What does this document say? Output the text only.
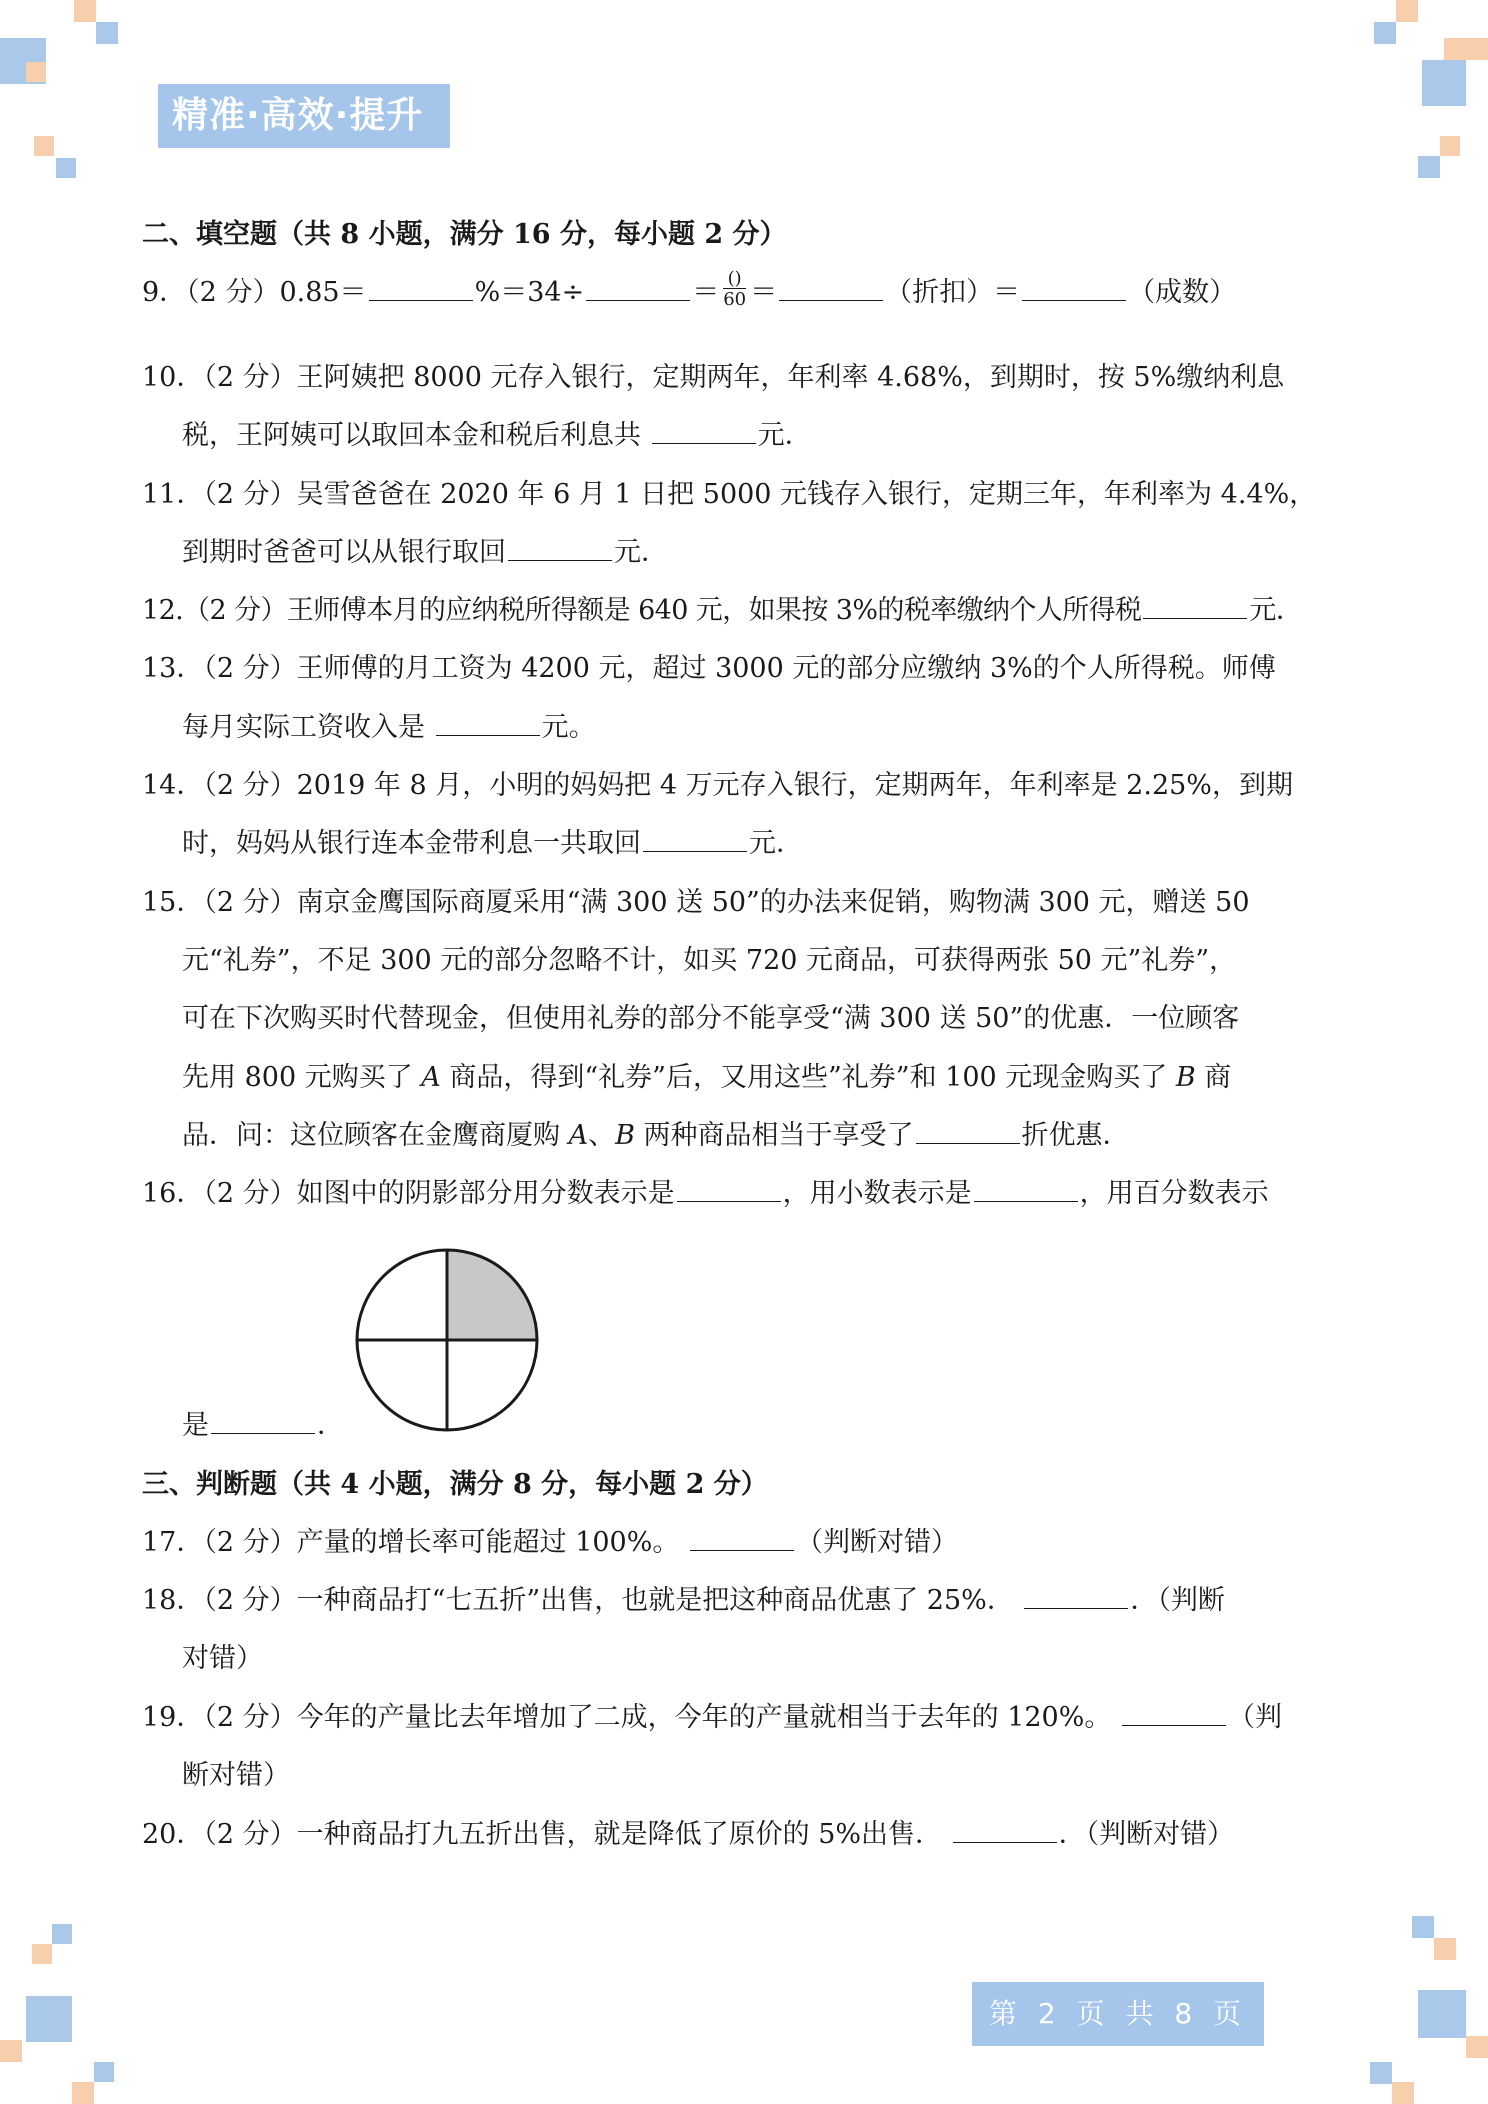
精准·高效·提升
二、填空题（共 8 小题，满分 16 分，每小题 2 分）
9．（2 分）0.85＝	%＝34÷	＝ $\frac{()}{60}$ ＝	（折扣）＝	（成数）
10．（2 分）王阿姨把 8000 元存入银行，定期两年，年利率 4.68%，到期时，按 5%缴纳利息
税，王阿姨可以取回本金和税后利息共	元．
11．（2 分）吴雪爸爸在 2020 年 6 月 1 日把 5000 元钱存入银行，定期三年，年利率为 4.4%，
到期时爸爸可以从银行取回	元．
12.（2 分）王师傅本月的应纳税所得额是 640 元，如果按 3%的税率缴纳个人所得税	元．
13．（2 分）王师傅的月工资为 4200 元，超过 3000 元的部分应缴纳 3%的个人所得税。师傅
每月实际工资收入是	元。
14．（2 分）2019 年 8 月，小明的妈妈把 4 万元存入银行，定期两年，年利率是 2.25%，到期
时，妈妈从银行连本金带利息一共取回	元．
15．（2 分）南京金鹰国际商厦采用“满 300 送 50”的办法来促销，购物满 300 元，赠送 50
元“礼券”，不足 300 元的部分忽略不计，如买 720 元商品，可获得两张 50 元”礼券”，
可在下次购买时代替现金，但使用礼券的部分不能享受“满 300 送 50”的优惠．一位顾客
先用 800 元购买了 A 商品，得到“礼券”后，又用这些”礼券”和 100 元现金购买了 B 商
品．问：这位顾客在金鹰商厦购 A、B 两种商品相当于享受了	折优惠．
16．（2 分）如图中的阴影部分用分数表示是	，用小数表示是	，用百分数表示
是	．
三、判断题（共 4 小题，满分 8 分，每小题 2 分）
17．（2 分）产量的增长率可能超过 100%。	（判断对错）
18．（2 分）一种商品打“七五折”出售，也就是把这种商品优惠了 25%．	．（判断
对错）
19．（2 分）今年的产量比去年增加了二成，今年的产量就相当于去年的 120%。	（判
断对错）
20．（2 分）一种商品打九五折出售，就是降低了原价的 5%出售．	．（判断对错）
第 2 页 共 8 页
